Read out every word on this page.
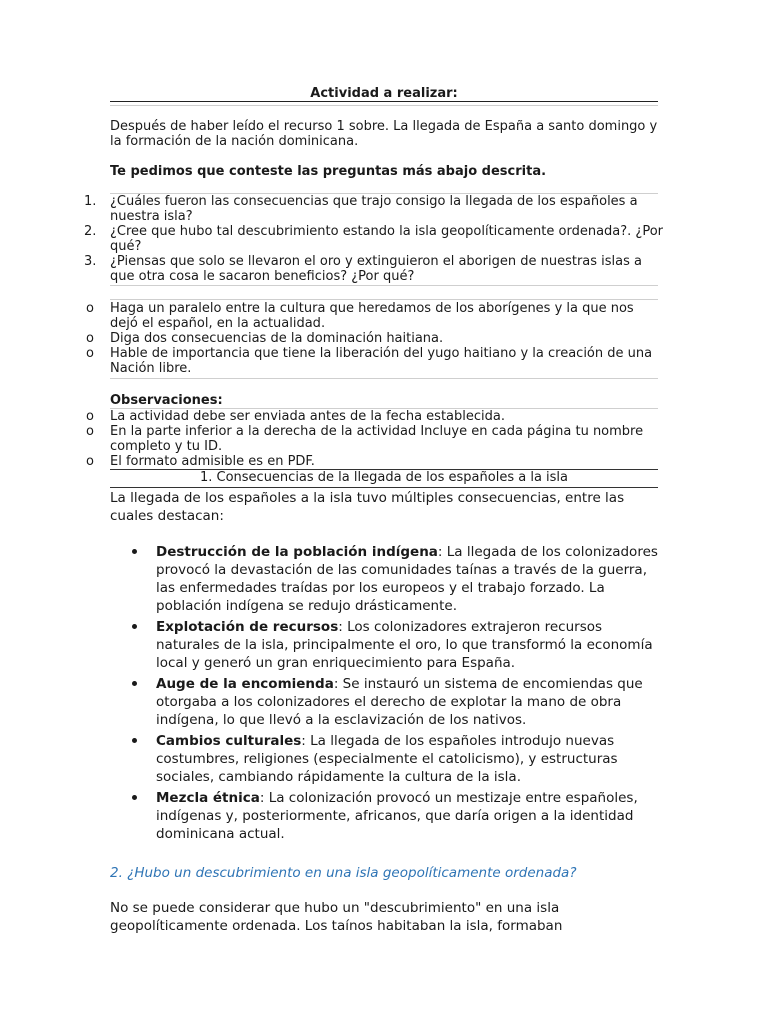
Actividad a realizar:
Después de haber leído el recurso 1 sobre. La llegada de España a santo domingo y la formación de la nación dominicana.
Te pedimos que conteste las preguntas más abajo descrita.
1. ¿Cuáles fueron las consecuencias que trajo consigo la llegada de los españoles a nuestra isla?
2. ¿Cree que hubo tal descubrimiento estando la isla geopolíticamente ordenada?. ¿Por qué?
3. ¿Piensas que solo se llevaron el oro y extinguieron el aborigen de nuestras islas a que otra cosa le sacaron beneficios? ¿Por qué?
o Haga un paralelo entre la cultura que heredamos de los aborígenes y la que nos dejó el español, en la actualidad.
o Diga dos consecuencias de la dominación haitiana.
o Hable de importancia que tiene la liberación del yugo haitiano y la creación de una Nación libre.
Observaciones:
o La actividad debe ser enviada antes de la fecha establecida.
o En la parte inferior a la derecha de la actividad Incluye en cada página tu nombre completo y tu ID.
o El formato admisible es en PDF.
1. Consecuencias de la llegada de los españoles a la isla
La llegada de los españoles a la isla tuvo múltiples consecuencias, entre las cuales destacan:
Destrucción de la población indígena: La llegada de los colonizadores provocó la devastación de las comunidades taínas a través de la guerra, las enfermedades traídas por los europeos y el trabajo forzado. La población indígena se redujo drásticamente.
Explotación de recursos: Los colonizadores extrajeron recursos naturales de la isla, principalmente el oro, lo que transformó la economía local y generó un gran enriquecimiento para España.
Auge de la encomienda: Se instauró un sistema de encomiendas que otorgaba a los colonizadores el derecho de explotar la mano de obra indígena, lo que llevó a la esclavización de los nativos.
Cambios culturales: La llegada de los españoles introdujo nuevas costumbres, religiones (especialmente el catolicismo), y estructuras sociales, cambiando rápidamente la cultura de la isla.
Mezcla étnica: La colonización provocó un mestizaje entre españoles, indígenas y, posteriormente, africanos, que daría origen a la identidad dominicana actual.
2. ¿Hubo un descubrimiento en una isla geopolíticamente ordenada?
No se puede considerar que hubo un "descubrimiento" en una isla geopolíticamente ordenada. Los taínos habitaban la isla, formaban
